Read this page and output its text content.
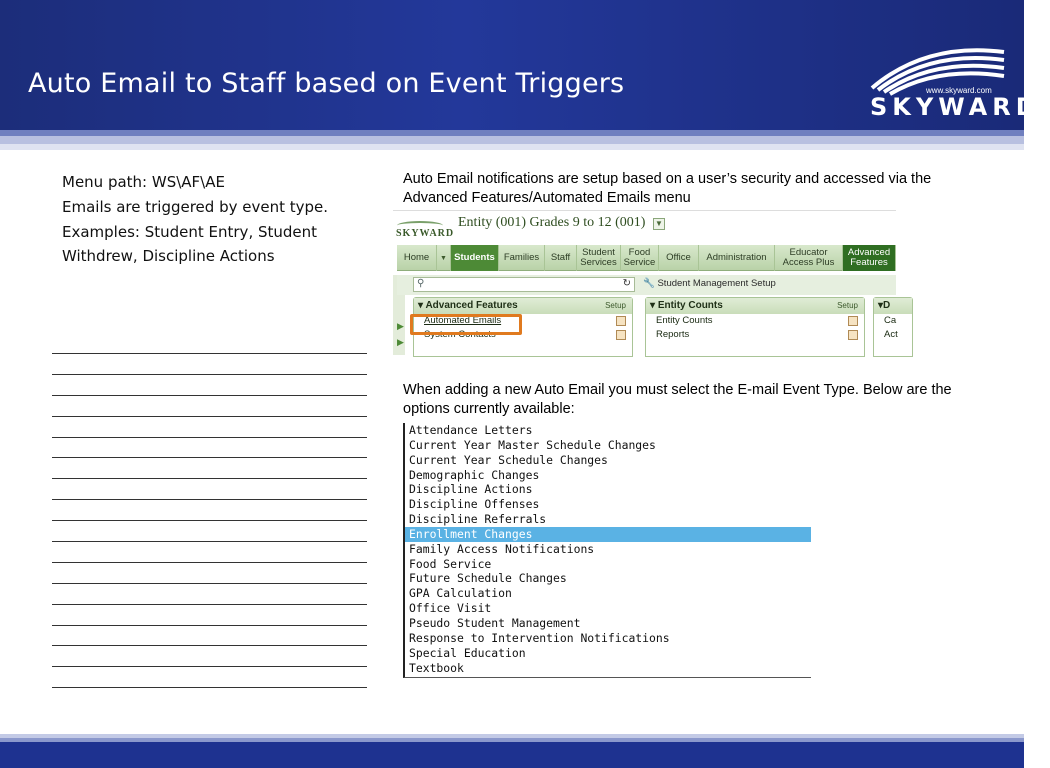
Auto Email to Staff based on Event Triggers	www.skyward.com
SKYWARD®

Menu path: WS\AF\AE

Emails are triggered by event type.

Examples: Student Entry, Student Withdrew, Discipline Actions

Auto Email notifications are setup based on a user’s security and accessed via the Advanced Features/Automated Emails menu
SKYWARD
Entity (001) Grades 9 to 12 (001) ▼
Home	▼ Students Families	Staff	Student Services
Food Service	Office	Administration	Educator Access Plus
Advanced Features
⚲	↻ 🔧 Student Management Setup
▶
▶
▾ Advanced Features	Setup
Automated Emails
System Contacts
▾ Entity Counts	Setup
Entity Counts
Reports
▾D
Ca
Act
When adding a new Auto Email you must select the E-mail Event Type. Below are the options currently available:
Attendance Letters
Current Year Master Schedule Changes
Current Year Schedule Changes
Demographic Changes
Discipline Actions
Discipline Offenses
Discipline Referrals
Enrollment Changes
Family Access Notifications
Food Service
Future Schedule Changes
GPA Calculation
Office Visit
Pseudo Student Management
Response to Intervention Notifications
Special Education
Textbook
